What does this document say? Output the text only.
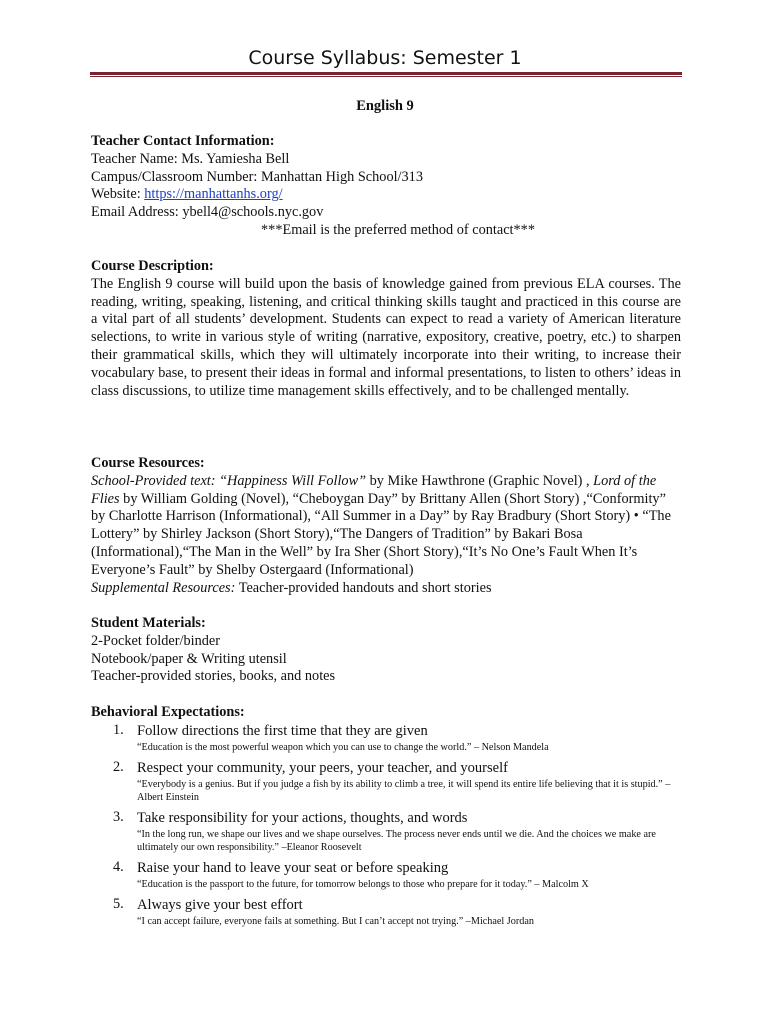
Course Syllabus: Semester 1
English 9

Teacher Contact Information:

Teacher Name: Ms. Yamiesha Bell

Campus/Classroom Number: Manhattan High School/313

Website: https://manhattanhs.org/

Email Address: ybell4@schools.nyc.gov

***Email is the preferred method of contact***

Course Description:

The English 9 course will build upon the basis of knowledge gained from previous ELA courses. The reading, writing, speaking, listening, and critical thinking skills taught and practiced in this course are a vital part of all students’ development. Students can expect to read a variety of American literature selections, to write in various style of writing (narrative, expository, creative, poetry, etc.) to sharpen their grammatical skills, which they will ultimately incorporate into their writing, to increase their vocabulary base, to present their ideas in formal and informal presentations, to listen to others’ ideas in class discussions, to utilize time management skills effectively, and to be challenged mentally.

Course Resources:

School-Provided text: “Happiness Will Follow” by Mike Hawthrone (Graphic Novel) , Lord of the Flies by William Golding (Novel), “Cheboygan Day” by Brittany Allen (Short Story) ,“Conformity” by Charlotte Harrison (Informational), “All Summer in a Day” by Ray Bradbury (Short Story) • “The Lottery” by Shirley Jackson (Short Story),“The Dangers of Tradition” by Bakari Bosa (Informational),“The Man in the Well” by Ira Sher (Short Story),“It’s No One’s Fault When It’s Everyone’s Fault” by Shelby Ostergaard (Informational)

Supplemental Resources: Teacher-provided handouts and short stories

Student Materials:

2-Pocket folder/binder

Notebook/paper & Writing utensil

Teacher-provided stories, books, and notes

Behavioral Expectations:

1. Follow directions the first time that they are given
“Education is the most powerful weapon which you can use to change the world.” – Nelson Mandela
2. Respect your community, your peers, your teacher, and yourself
“Everybody is a genius. But if you judge a fish by its ability to climb a tree, it will spend its entire life believing that it is stupid.” –Albert Einstein
3. Take responsibility for your actions, thoughts, and words
“In the long run, we shape our lives and we shape ourselves. The process never ends until we die. And the choices we make are ultimately our own responsibility.” –Eleanor Roosevelt
4. Raise your hand to leave your seat or before speaking
“Education is the passport to the future, for tomorrow belongs to those who prepare for it today.” – Malcolm X
5. Always give your best effort
“I can accept failure, everyone fails at something. But I can’t accept not trying.” –Michael Jordan
